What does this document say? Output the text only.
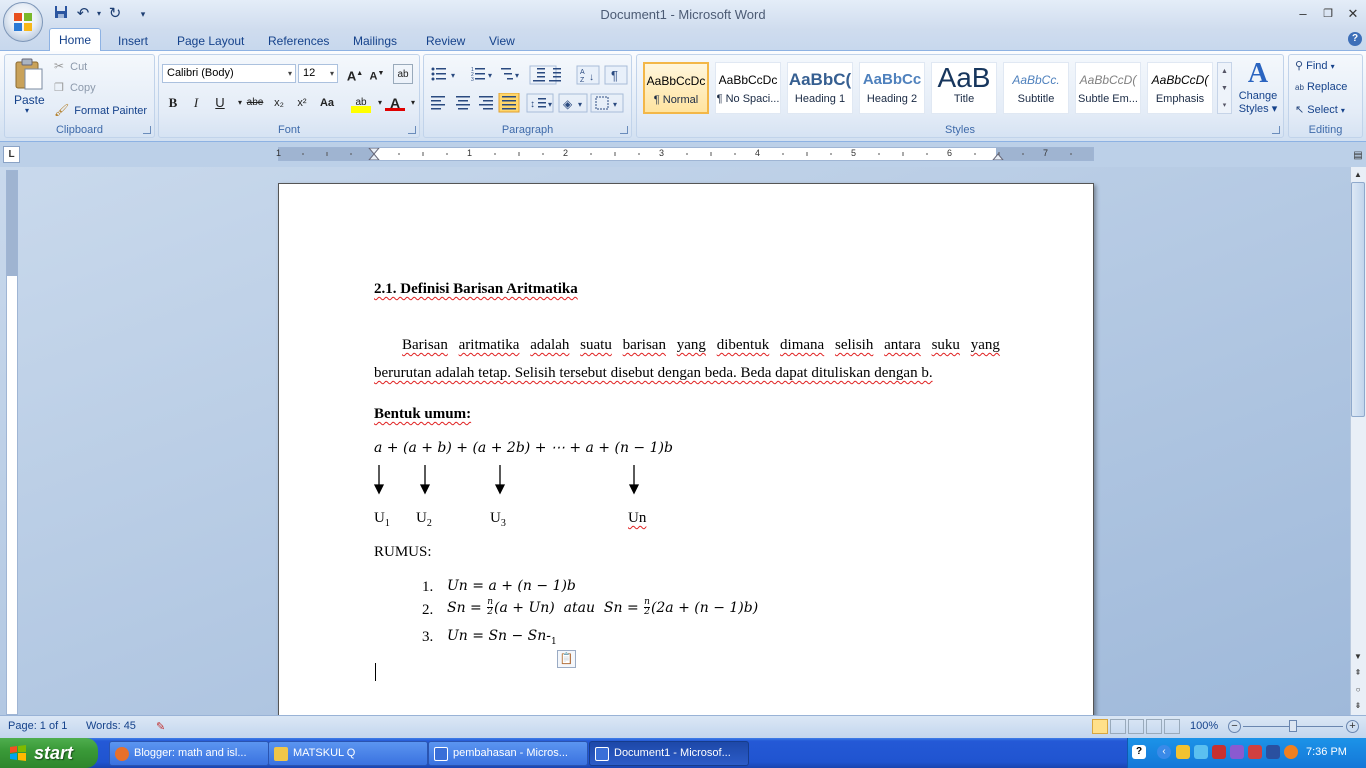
↶ ▾ ↻	▾	Document1 - Microsoft Word	–	❐	✕
Home	Insert Page Layout References Mailings Review View	?
Clipboard
Paste
▾
✂ Cut
❐ Copy
🖌 Format Painter
Font
Calibri (Body)	▾	12 ▾ A▲ A▼	ab
B	I	U	▾ abe x₂	x²	Aa	ab	▾ A	▾
Paragraph
▾
1
2
3 ▾	▾	A
Z ↓ ¶
↕ ▾ ◈ ▾	▾
Styles
AaBbCcDc
¶ Normal
AaBbCcDc
¶ No Spaci...
AaBbC(
Heading 1
AaBbCc
Heading 2
AaB
Title
AaBbCc.
Subtitle
AaBbCcD(
Subtle Em...
AaBbCcD(
Emphasis
▲
▼
▾
A
Change
Styles ▾
Editing
⚲ Find ▾
ab Replace
↖ Select ▾
L	1	1	2	3	4	5	6	7
2.1. Definisi Barisan Aritmatika
Barisan aritmatika adalah suatu barisan yang dibentuk dimana selisih antara suku yang
berurutan adalah tetap. Selisih tersebut disebut dengan beda. Beda dapat dituliskan dengan b.
Bentuk umum:
a + (a + b) + (a + 2b) + ⋯ + a + (n − 1)b
$U_1$ $U_2$	$U_3$	Un
RUMUS:
1. Un = a + (n − 1)b
2. $Sn = \frac{n}{2} (a + Un)$  atau  $Sn = \frac{n}{2} (2a + (n - 1)b)$
3. $Un = Sn - Sn-_1$
📋
▤
▲
▼
⇞
○
⇟
Page: 1 of 1 Words: 45 ✎	100% −	+
start	Blogger: math and isl...	MATSKUL Q	pembahasan - Micros...	Document1 - Microsof...	?	‹	7:36 PM
